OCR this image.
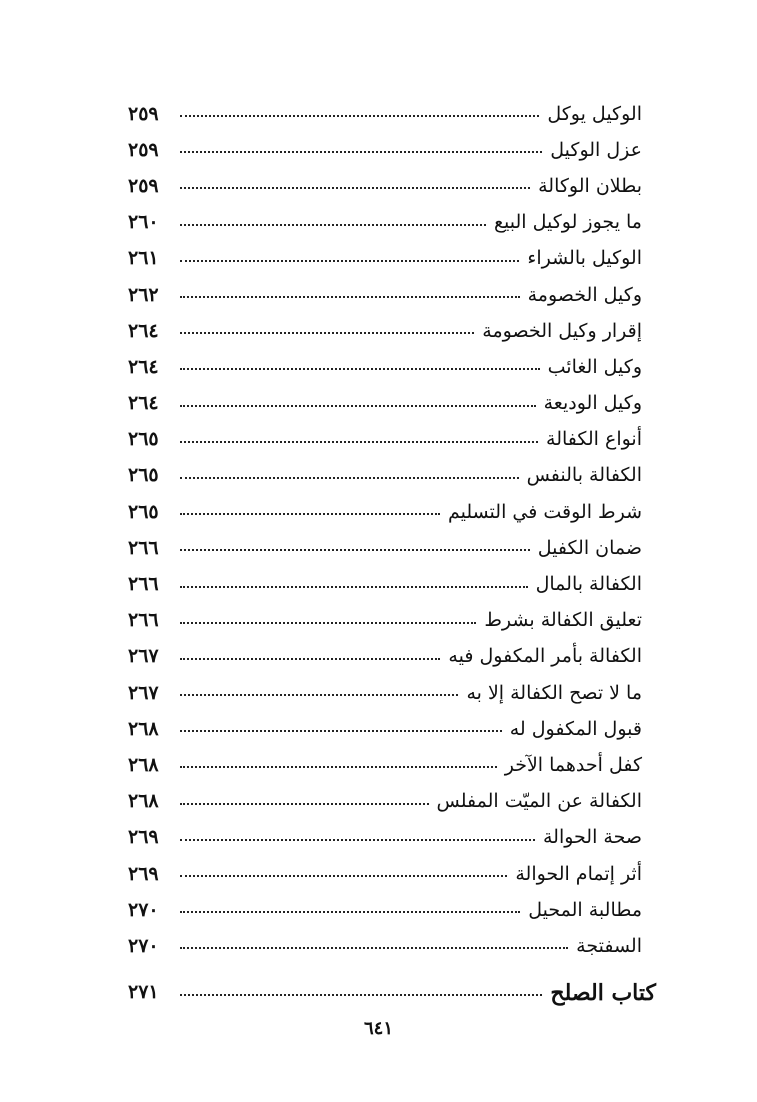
الوكيل يوكل
٢٥٩
عزل الوكيل
٢٥٩
بطلان الوكالة
٢٥٩
ما يجوز لوكيل البيع
٢٦٠
الوكيل بالشراء
٢٦١
وكيل الخصومة
٢٦٢
إقرار وكيل الخصومة
٢٦٤
وكيل الغائب
٢٦٤
وكيل الوديعة
٢٦٤
أنواع الكفالة
٢٦٥
الكفالة بالنفس
٢٦٥
شرط الوقت في التسليم
٢٦٥
ضمان الكفيل
٢٦٦
الكفالة بالمال
٢٦٦
تعليق الكفالة بشرط
٢٦٦
الكفالة بأمر المكفول فيه
٢٦٧
ما لا تصح الكفالة إلا به
٢٦٧
قبول المكفول له
٢٦٨
كفل أحدهما الآخر
٢٦٨
الكفالة عن الميّت المفلس
٢٦٨
صحة الحوالة
٢٦٩
أثر إتمام الحوالة
٢٦٩
مطالبة المحيل
٢٧٠
السفتجة
٢٧٠
كتاب الصلح
٢٧١
٦٤١
